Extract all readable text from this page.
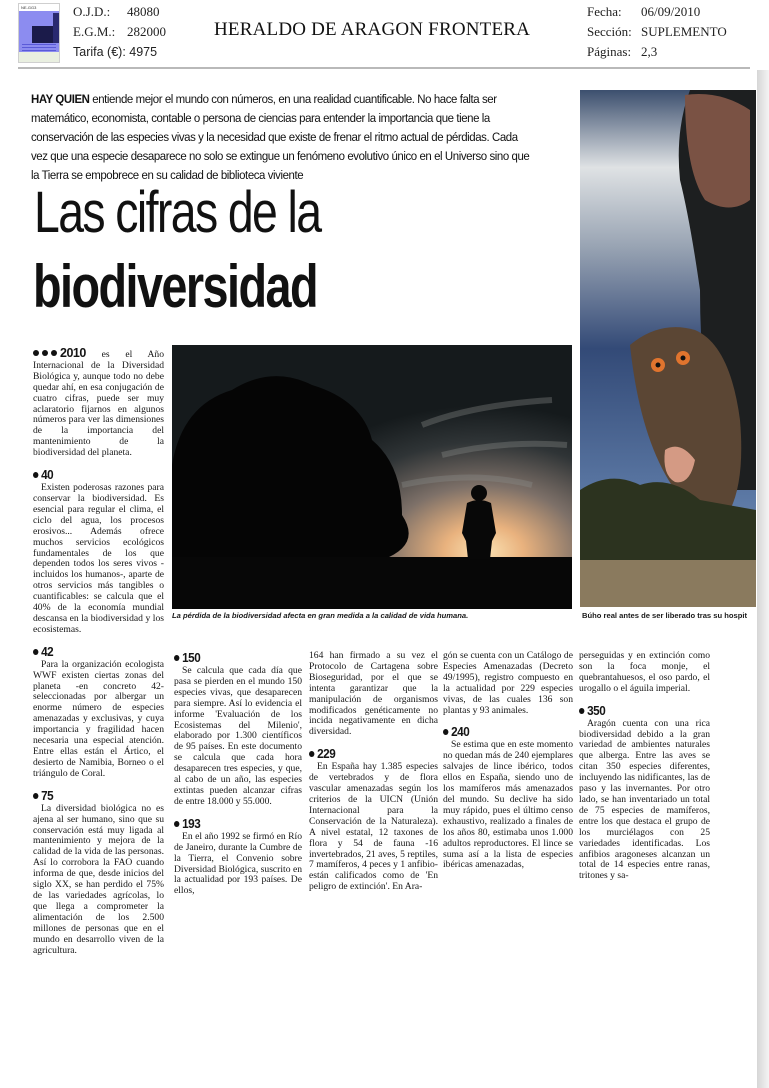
NE-GG3	O.J.D.: 48080
E.G.M.: 282000
Tarifa (€): 4975
HERALDO DE ARAGON FRONTERA
Fecha: 06/09/2010
Sección: SUPLEMENTO
Páginas: 2,3
HAY QUIEN entiende mejor el mundo con números, en una realidad cuantificable. No hace falta ser matemático, economista, contable o persona de ciencias para entender la importancia que tiene la conservación de las especies vivas y la necesidad que existe de frenar el ritmo actual de pérdidas. Cada vez que una especie desaparece no solo se extingue un fenómeno evolutivo único en el Universo sino que la Tierra se empobrece en su calidad de biblioteca viviente
Las cifras de la
biodiversidad

2010 es el Año Internacional de la Diversidad Biológica y, aunque todo no debe quedar ahí, en esa conjugación de cuatro cifras, puede ser muy aclaratorio fijarnos en algunos números para ver las dimensiones de la importancia del mantenimiento de la biodiversidad del planeta.

40

Existen poderosas razones para conservar la biodiversidad. Es esencial para regular el clima, el ciclo del agua, los procesos erosivos... Además ofrece muchos servicios ecológicos fundamentales de los que dependen todos los seres vivos -incluidos los humanos-, aparte de otros servicios más tangibles o cuantificables: se calcula que el 40% de la economía mundial descansa en la biodiversidad y los ecosistemas.

42

Para la organización ecologista WWF existen ciertas zonas del planeta -en concreto 42- seleccionadas por albergar un enorme número de especies amenazadas y exclusivas, y cuya importancia y fragilidad hacen necesaria una especial atención. Entre ellas están el Ártico, el desierto de Namibia, Borneo o el triángulo de Coral.

75

La diversidad biológica no es ajena al ser humano, sino que su conservación está muy ligada al mantenimiento y mejora de la calidad de la vida de las personas. Así lo corrobora la FAO cuando informa de que, desde inicios del siglo XX, se han perdido el 75% de las variedades agrícolas, lo que llega a comprometer la alimentación de los 2.500 millones de personas que en el mundo en desarrollo viven de la agricultura.

La pérdida de la biodiversidad afecta en gran medida a la calidad de vida humana.	Búho real antes de ser liberado tras su hospit
150

Se calcula que cada día que pasa se pierden en el mundo 150 especies vivas, que desaparecen para siempre. Así lo evidencia el informe 'Evaluación de los Ecosistemas del Milenio', elaborado por 1.300 científicos de 95 países. En este documento se calcula que cada hora desaparecen tres especies, y que, al cabo de un año, las especies extintas pueden alcanzar cifras de entre 18.000 y 55.000.

193

En el año 1992 se firmó en Río de Janeiro, durante la Cumbre de la Tierra, el Convenio sobre Diversidad Biológica, suscrito en la actualidad por 193 países. De ellos,

164 han firmado a su vez el Protocolo de Cartagena sobre Bioseguridad, por el que se intenta garantizar que la manipulación de organismos modificados genéticamente no incida negativamente en dicha diversidad.

229

En España hay 1.385 especies de vertebrados y de flora vascular amenazadas según los criterios de la UICN (Unión Internacional para la Conservación de la Naturaleza). A nivel estatal, 12 taxones de flora y 54 de fauna -16 invertebrados, 21 aves, 5 reptiles, 7 mamíferos, 4 peces y 1 anfibio- están calificados como de 'En peligro de extinción'. En Ara-

gón se cuenta con un Catálogo de Especies Amenazadas (Decreto 49/1995), registro compuesto en la actualidad por 229 especies vivas, de las cuales 136 son plantas y 93 animales.

240

Se estima que en este momento no quedan más de 240 ejemplares salvajes de lince ibérico, todos ellos en España, siendo uno de los mamíferos más amenazados del mundo. Su declive ha sido muy rápido, pues el último censo exhaustivo, realizado a finales de los años 80, estimaba unos 1.000 adultos reproductores. El lince se suma así a la lista de especies ibéricas amenazadas,

perseguidas y en extinción como son la foca monje, el quebrantahuesos, el oso pardo, el urogallo o el águila imperial.

350

Aragón cuenta con una rica biodiversidad debido a la gran variedad de ambientes naturales que alberga. Entre las aves se citan 350 especies diferentes, incluyendo las nidificantes, las de paso y las invernantes. Por otro lado, se han inventariado un total de 75 especies de mamíferos, entre los que destaca el grupo de los murciélagos con 25 variedades identificadas. Los anfibios aragoneses alcanzan un total de 14 especies entre ranas, tritones y sa-
